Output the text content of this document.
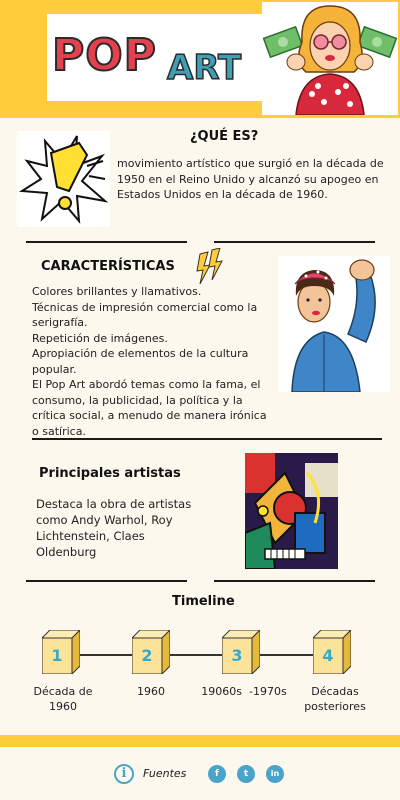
POP ART
¿QUÉ ES?
movimiento artístico que surgió en la década de 1950 en el Reino Unido y alcanzó su apogeo en Estados Unidos en la década de 1960.
CARACTERÍSTICAS
Colores brillantes y llamativos.
Técnicas de impresión comercial como la serigrafía.
Repetición de imágenes.
Apropiación de elementos de la cultura popular.
El Pop Art abordó temas como la fama, el consumo, la publicidad, la política y la crítica social, a menudo de manera irónica o satírica.
Principales artistas
Destaca la obra de artistas como Andy Warhol, Roy Lichtenstein, Claes Oldenburg
Timeline
1	2	3	4
Década de 1960
1960	19060s  -1970s	Décadas posteriores
i	Fuentes	f	t	in
